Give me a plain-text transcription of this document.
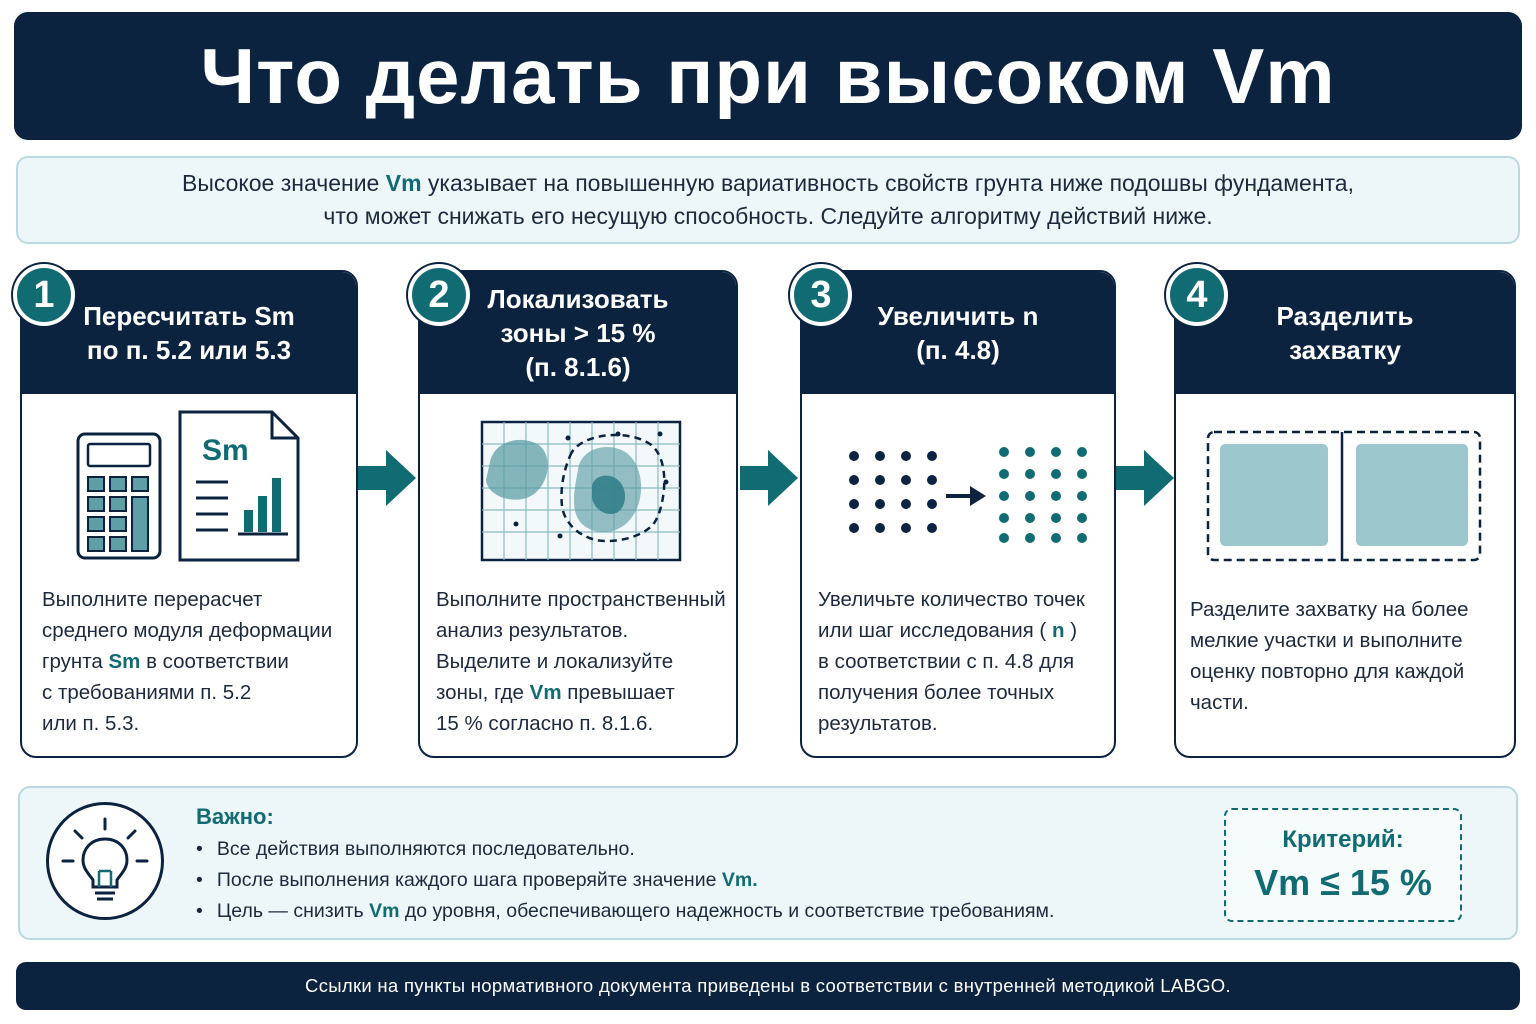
Что делать при высоком Vm
Высокое значение Vm указывает на повышенную вариативность свойств грунта ниже подошвы фундамента,
что может снижать его несущую способность. Следуйте алгоритму действий ниже.
1
Пересчитать Sm
по п. 5.2 или 5.3
Sm
Выполните перерасчет
среднего модуля деформации
грунта Sm в соответствии
с требованиями п. 5.2
или п. 5.3.
2	Локализовать
зоны > 15 %
(п. 8.1.6)
Выполните пространственный
анализ результатов.
Выделите и локализуйте
зоны, где Vm превышает
15 % согласно п. 8.1.6.
3
Увеличить n
(п. 4.8)
Увеличьте количество точек
или шаг исследования ( n )
в соответствии с п. 4.8 для
получения более точных
результатов.
4
Разделить
захватку
Разделите захватку на более
мелкие участки и выполните
оценку повторно для каждой
части.
Важно:
• Все действия выполняются последовательно.
• После выполнения каждого шага проверяйте значение Vm.
• Цель — снизить Vm до уровня, обеспечивающего надежность и соответствие требованиям.
Критерий:
Vm ≤ 15 %
Ссылки на пункты нормативного документа приведены в соответствии с внутренней методикой LABGO.
